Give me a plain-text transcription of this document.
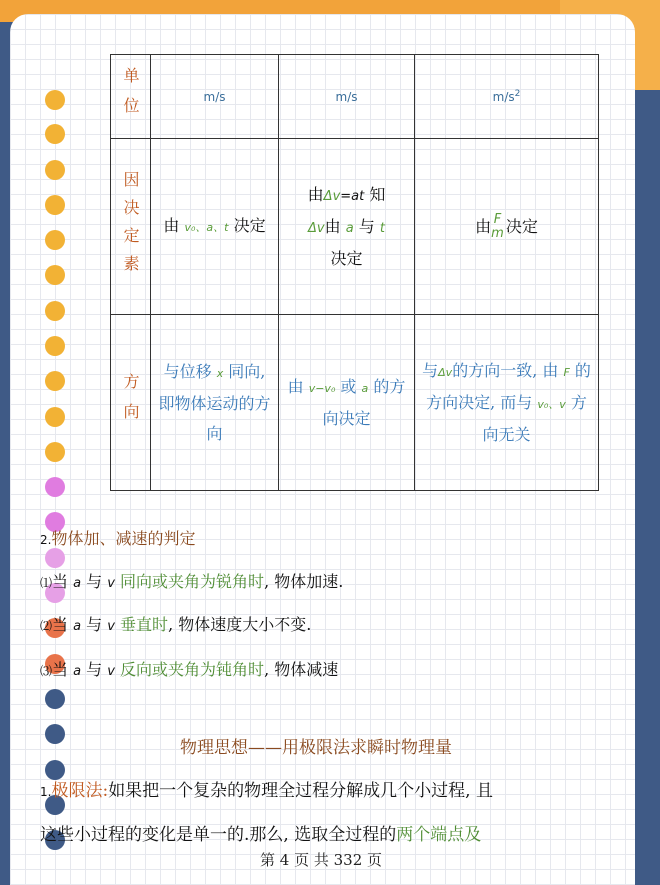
单位	m/s	m/s	$m/s^2$
因决定素	由 v₀、a、t 决定	由Δv=at 知
Δv由 a 与 t
决定	由 F
m 决定
方向	与位移 x 同向,即物体运动的方向	由 v−v₀ 或 a 的方向决定	与Δv的方向一致, 由 F 的方向决定, 而与 v₀、v 方向无关
2.物体加、减速的判定
⑴当 a 与 v 同向或夹角为锐角时, 物体加速.
⑵当 a 与 v 垂直时, 物体速度大小不变.
⑶当 a 与 v 反向或夹角为钝角时, 物体减速
物理思想——用极限法求瞬时物理量
1.极限法:如果把一个复杂的物理全过程分解成几个小过程, 且
这些小过程的变化是单一的.那么, 选取全过程的两个端点及
第 4 页 共 332 页
